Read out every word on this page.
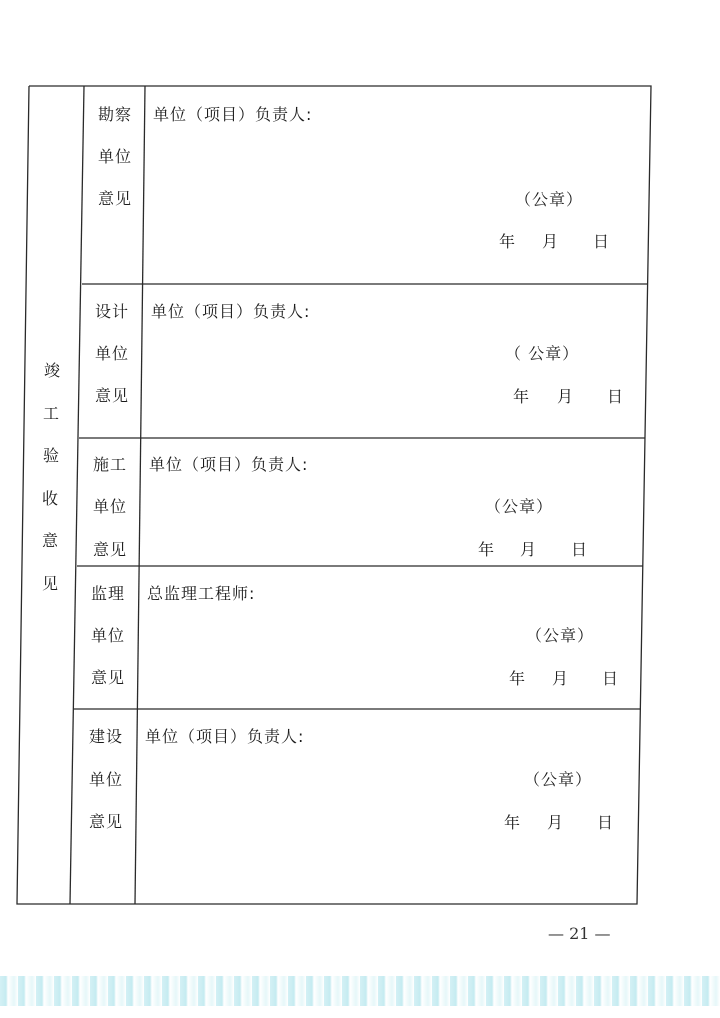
竣
工
验
收
意
见
勘察
单位
意见
单位（项目）负责人:
（公章）
年 月 日
设计
单位
意见
单位（项目）负责人:
（ 公章）
年 月 日
施工
单位
意见
单位（项目）负责人:
（公章）
年 月 日
监理
单位
意见
总监理工程师:
（公章）
年 月 日
建设
单位
意见
单位（项目）负责人:
（公章）
年 月 日
— 21 —
